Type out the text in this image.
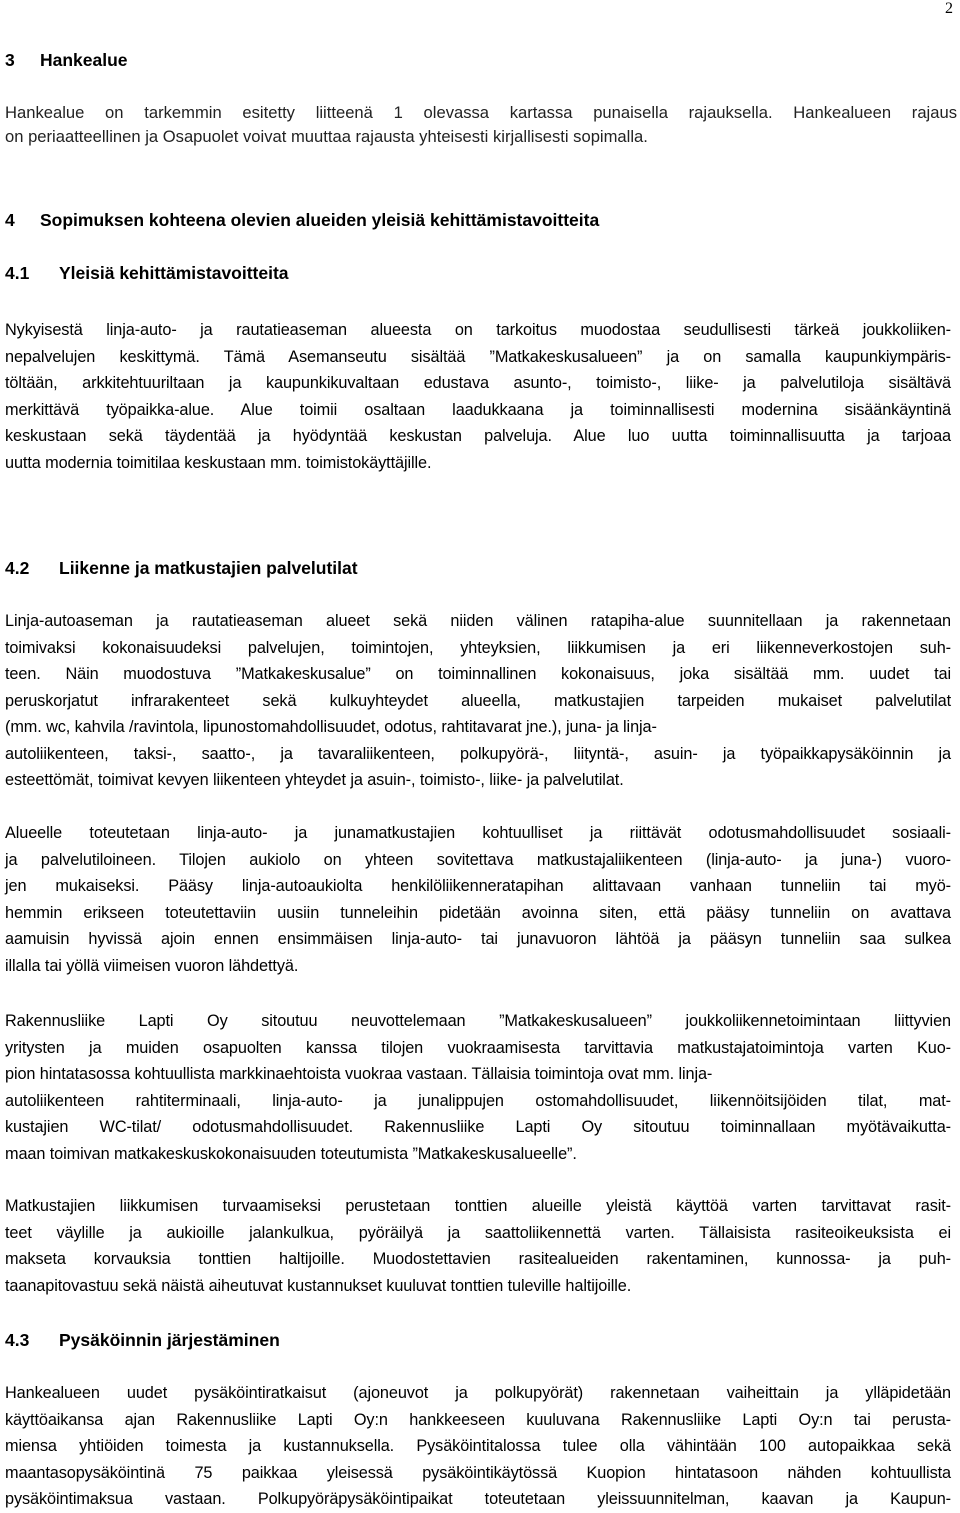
2
3 Hankealue
Hankealue on tarkemmin esitetty liitteenä 1 olevassa kartassa punaisella rajauksella. Hankealueen rajaus
on periaatteellinen ja Osapuolet voivat muuttaa rajausta yhteisesti kirjallisesti sopimalla.
4 Sopimuksen kohteena olevien alueiden yleisiä kehittämistavoitteita
4.1 Yleisiä kehittämistavoitteita
Nykyisestä linja-auto- ja rautatieaseman alueesta on tarkoitus muodostaa seudullisesti tärkeä joukkoliiken-
nepalvelujen keskittymä. Tämä Asemanseutu sisältää ”Matkakeskusalueen” ja on samalla kaupunkiympäris-
töltään, arkkitehtuuriltaan ja kaupunkikuvaltaan edustava asunto-, toimisto-, liike- ja palvelutiloja sisältävä
merkittävä työpaikka-alue. Alue toimii osaltaan laadukkaana ja toiminnallisesti modernina sisäänkäyntinä
keskustaan sekä täydentää ja hyödyntää keskustan palveluja. Alue luo uutta toiminnallisuutta ja tarjoaa
uutta modernia toimitilaa keskustaan mm. toimistokäyttäjille.
4.2 Liikenne ja matkustajien palvelutilat
Linja-autoaseman ja rautatieaseman alueet sekä niiden välinen ratapiha-alue suunnitellaan ja rakennetaan
toimivaksi kokonaisuudeksi palvelujen, toimintojen, yhteyksien, liikkumisen ja eri liikenneverkostojen suh-
teen. Näin muodostuva ”Matkakeskusalue” on toiminnallinen kokonaisuus, joka sisältää mm. uudet tai
peruskorjatut infrarakenteet sekä kulkuyhteydet alueella, matkustajien tarpeiden mukaiset palvelutilat
(mm. wc, kahvila /ravintola, lipunostomahdollisuudet, odotus, rahtitavarat jne.), juna- ja linja-
autoliikenteen, taksi-, saatto-, ja tavaraliikenteen, polkupyörä-, liityntä-, asuin- ja työpaikkapysäköinnin ja
esteettömät, toimivat kevyen liikenteen yhteydet ja asuin-, toimisto-, liike- ja palvelutilat.
Alueelle toteutetaan linja-auto- ja junamatkustajien kohtuulliset ja riittävät odotusmahdollisuudet sosiaali-
ja palvelutiloineen. Tilojen aukiolo on yhteen sovitettava matkustajaliikenteen (linja-auto- ja juna-) vuoro-
jen mukaiseksi. Pääsy linja-autoaukiolta henkilöliikenneratapihan alittavaan vanhaan tunneliin tai myö-
hemmin erikseen toteutettaviin uusiin tunneleihin pidetään avoinna siten, että pääsy tunneliin on avattava
aamuisin hyvissä ajoin ennen ensimmäisen linja-auto- tai junavuoron lähtöä ja pääsyn tunneliin saa sulkea
illalla tai yöllä viimeisen vuoron lähdettyä.
Rakennusliike Lapti Oy sitoutuu neuvottelemaan ”Matkakeskusalueen” joukkoliikennetoimintaan liittyvien
yritysten ja muiden osapuolten kanssa tilojen vuokraamisesta tarvittavia matkustajatoimintoja varten Kuo-
pion hintatasossa kohtuullista markkinaehtoista vuokraa vastaan. Tällaisia toimintoja ovat mm. linja-
autoliikenteen rahtiterminaali, linja-auto- ja junalippujen ostomahdollisuudet, liikennöitsijöiden tilat, mat-
kustajien WC-tilat/ odotusmahdollisuudet. Rakennusliike Lapti Oy sitoutuu toiminnallaan myötävaikutta-
maan toimivan matkakeskuskokonaisuuden toteutumista ”Matkakeskusalueelle”.
Matkustajien liikkumisen turvaamiseksi perustetaan tonttien alueille yleistä käyttöä varten tarvittavat rasit-
teet väylille ja aukioille jalankulkua, pyöräilyä ja saattoliikennettä varten. Tällaisista rasiteoikeuksista ei
makseta korvauksia tonttien haltijoille. Muodostettavien rasitealueiden rakentaminen, kunnossa- ja puh-
taanapitovastuu sekä näistä aiheutuvat kustannukset kuuluvat tonttien tuleville haltijoille.
4.3 Pysäköinnin järjestäminen
Hankealueen uudet pysäköintiratkaisut (ajoneuvot ja polkupyörät) rakennetaan vaiheittain ja ylläpidetään
käyttöaikansa ajan Rakennusliike Lapti Oy:n hankkeeseen kuuluvana Rakennusliike Lapti Oy:n tai perusta-
miensa yhtiöiden toimesta ja kustannuksella. Pysäköintitalossa tulee olla vähintään 100 autopaikkaa sekä
maantasopysäköintinä 75 paikkaa yleisessä pysäköintikäytössä Kuopion hintatasoon nähden kohtuullista
pysäköintimaksua vastaan. Polkupyöräpysäköintipaikat toteutetaan yleissuunnitelman, kaavan ja Kaupun-
